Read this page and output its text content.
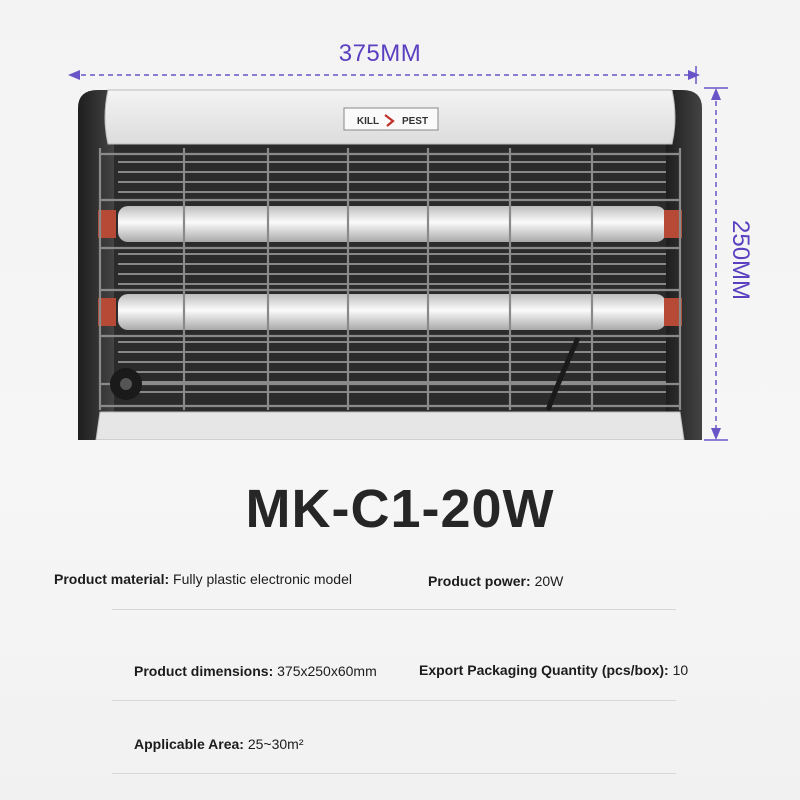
375MM
250MM
KILL PEST
MK-C1-20W
Product material: Fully plastic electronic model	Product power: 20W
Product dimensions: 375x250x60mm	Export Packaging Quantity (pcs/box): 10
Applicable Area: 25~30m²
